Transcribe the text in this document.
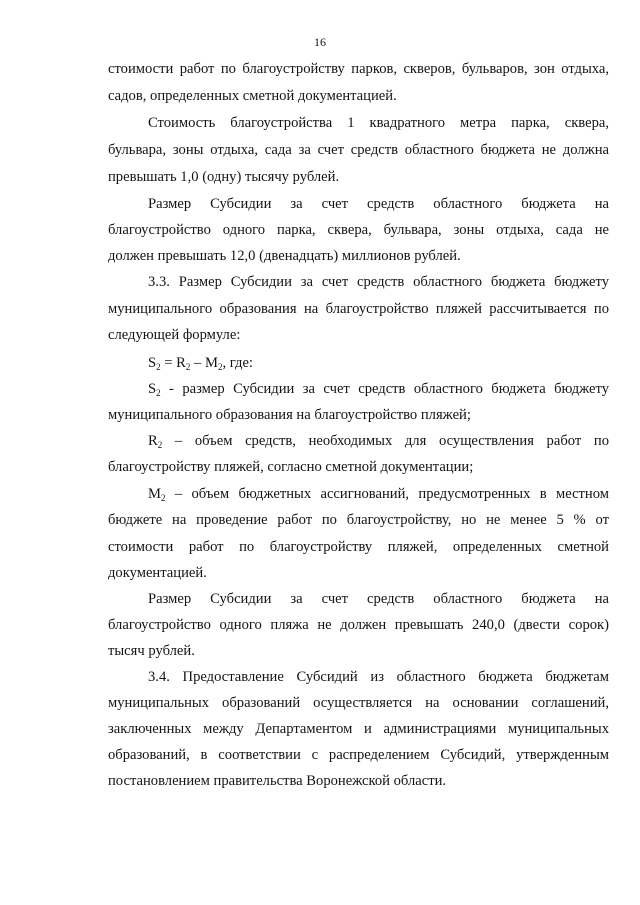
16
стоимости работ по благоустройству парков, скверов, бульваров, зон отдыха,
садов, определенных сметной документацией.
Стоимость благоустройства 1 квадратного метра парка, сквера,
бульвара, зоны отдыха, сада за счет средств областного бюджета не должна
превышать 1,0 (одну) тысячу рублей.
Размер Субсидии за счет средств областного бюджета на
благоустройство одного парка, сквера, бульвара, зоны отдыха, сада не
должен превышать 12,0 (двенадцать) миллионов рублей.
3.3. Размер Субсидии за счет средств областного бюджета бюджету
муниципального образования на благоустройство пляжей рассчитывается по
следующей формуле:
$S_2 = R_2 - M_2$, где:
$S_2$ - размер Субсидии за счет средств областного бюджета бюджету
муниципального образования на благоустройство пляжей;
$R_2$ – объем средств, необходимых для осуществления работ по
благоустройству пляжей, согласно сметной документации;
$M_2$ – объем бюджетных ассигнований, предусмотренных в местном
бюджете на проведение работ по благоустройству, но не менее 5 % от
стоимости работ по благоустройству пляжей, определенных сметной
документацией.
Размер Субсидии за счет средств областного бюджета на
благоустройство одного пляжа не должен превышать 240,0 (двести сорок)
тысяч рублей.
3.4. Предоставление Субсидий из областного бюджета бюджетам
муниципальных образований осуществляется на основании соглашений,
заключенных между Департаментом и администрациями муниципальных
образований, в соответствии с распределением Субсидий, утвержденным
постановлением правительства Воронежской области.
